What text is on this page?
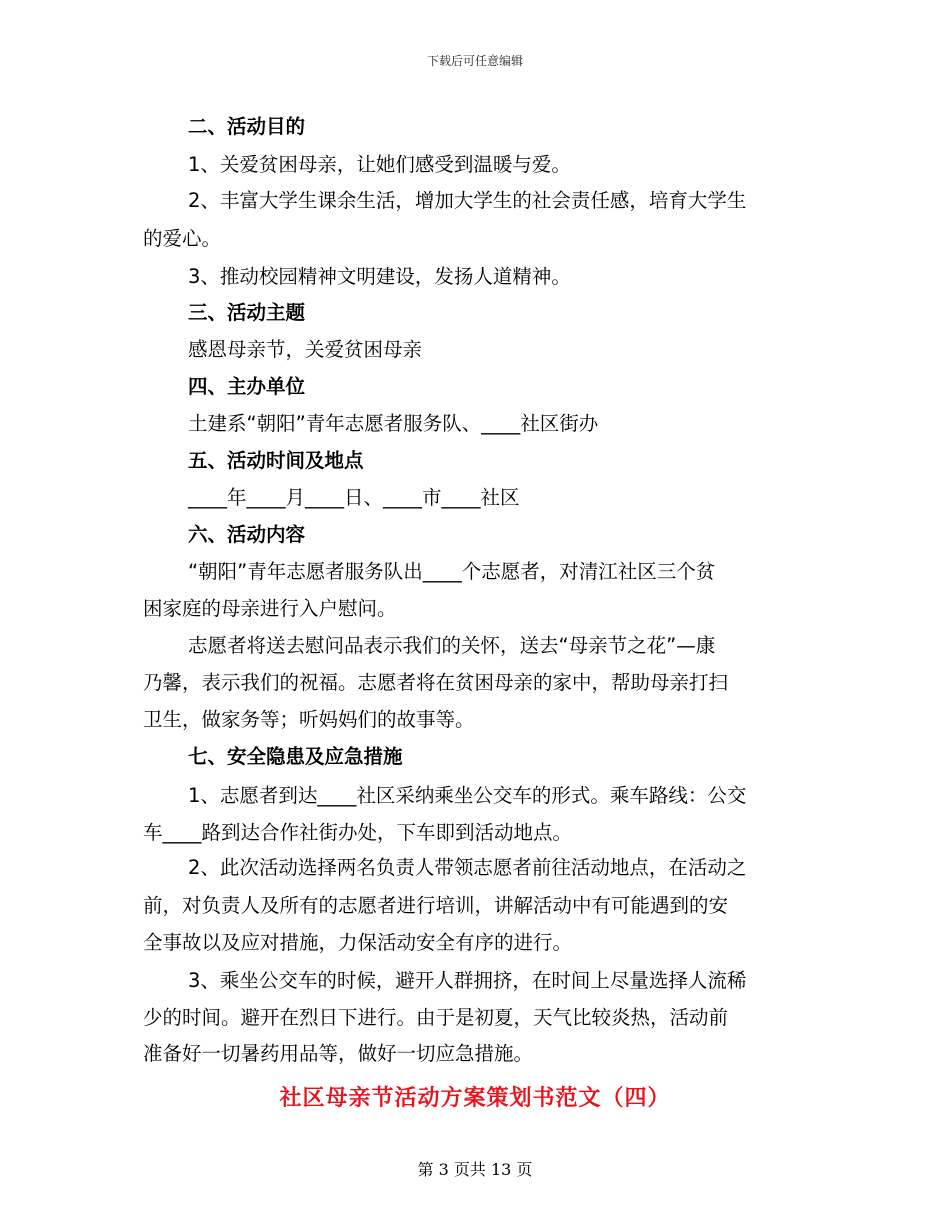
下载后可任意编辑
二、活动目的
1、关爱贫困母亲，让她们感受到温暖与爱。
2、丰富大学生课余生活，增加大学生的社会责任感，培育大学生
的爱心。
3、推动校园精神文明建设，发扬人道精神。
三、活动主题
感恩母亲节，关爱贫困母亲
四、主办单位
土建系“朝阳”青年志愿者服务队、____社区街办
五、活动时间及地点
____年____月____日、____市____社区
六、活动内容
“朝阳”青年志愿者服务队出____个志愿者，对清江社区三个贫
困家庭的母亲进行入户慰问。
志愿者将送去慰问品表示我们的关怀，送去“母亲节之花”—康
乃馨，表示我们的祝福。志愿者将在贫困母亲的家中，帮助母亲打扫
卫生，做家务等；听妈妈们的故事等。
七、安全隐患及应急措施
1、志愿者到达____社区采纳乘坐公交车的形式。乘车路线：公交
车____路到达合作社街办处，下车即到活动地点。
2、此次活动选择两名负责人带领志愿者前往活动地点，在活动之
前，对负责人及所有的志愿者进行培训，讲解活动中有可能遇到的安
全事故以及应对措施，力保活动安全有序的进行。
3、乘坐公交车的时候，避开人群拥挤，在时间上尽量选择人流稀
少的时间。避开在烈日下进行。由于是初夏，天气比较炎热，活动前
准备好一切暑药用品等，做好一切应急措施。
社区母亲节活动方案策划书范文（四）
第 3 页共 13 页
